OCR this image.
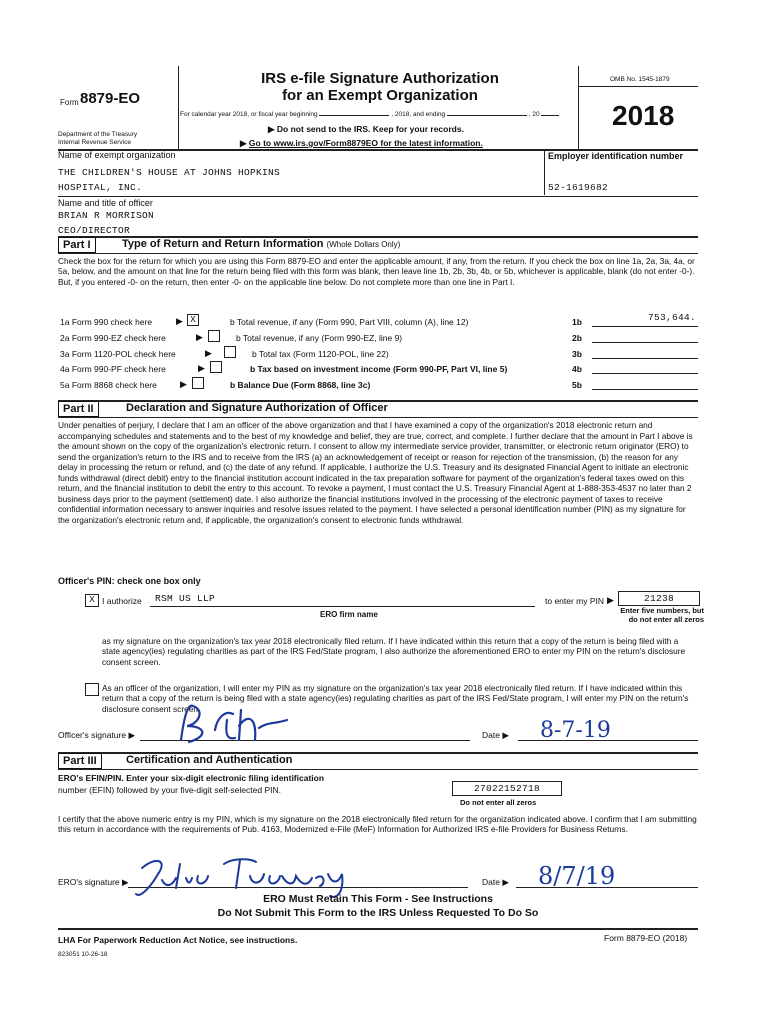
Form 8879-EO
Department of the Treasury
Internal Revenue Service
IRS e-file Signature Authorization
for an Exempt Organization
For calendar year 2018, or fiscal year beginning	, 2018, and ending	, 20
▶ Do not send to the IRS. Keep for your records.
▶ Go to www.irs.gov/Form8879EO for the latest information.
OMB No. 1545-1879
2018
Name of exempt organization
THE CHILDREN'S HOUSE AT JOHNS HOPKINS
HOSPITAL, INC.
Employer identification number
52-1619682
Name and title of officer
BRIAN R MORRISON
CEO/DIRECTOR
Part I	Type of Return and Return Information (Whole Dollars Only)
Check the box for the return for which you are using this Form 8879-EO and enter the applicable amount, if any, from the return. If you check the box on line 1a, 2a, 3a, 4a, or 5a, below, and the amount on that line for the return being filed with this form was blank, then leave line 1b, 2b, 3b, 4b, or 5b, whichever is applicable, blank (do not enter -0-). But, if you entered -0- on the return, then enter -0- on the applicable line below. Do not complete more than one line in Part I.
1a Form 990 check here	▶ X	b Total revenue, if any (Form 990, Part VIII, column (A), line 12)	1b	753,644.
2a Form 990-EZ check here	▶	b Total revenue, if any (Form 990-EZ, line 9)	2b
3a Form 1120-POL check here	▶	b Total tax (Form 1120-POL, line 22)	3b
4a Form 990-PF check here	▶	b Tax based on investment income (Form 990-PF, Part VI, line 5)	4b
5a Form 8868 check here	▶	b Balance Due (Form 8868, line 3c)	5b
Part II	Declaration and Signature Authorization of Officer
Under penalties of perjury, I declare that I am an officer of the above organization and that I have examined a copy of the organization's 2018 electronic return and accompanying schedules and statements and to the best of my knowledge and belief, they are true, correct, and complete. I further declare that the amount in Part I above is the amount shown on the copy of the organization's electronic return. I consent to allow my intermediate service provider, transmitter, or electronic return originator (ERO) to send the organization's return to the IRS and to receive from the IRS (a) an acknowledgement of receipt or reason for rejection of the transmission, (b) the reason for any delay in processing the return or refund, and (c) the date of any refund. If applicable, I authorize the U.S. Treasury and its designated Financial Agent to initiate an electronic funds withdrawal (direct debit) entry to the financial institution account indicated in the tax preparation software for payment of the organization's federal taxes owed on this return, and the financial institution to debit the entry to this account. To revoke a payment, I must contact the U.S. Treasury Financial Agent at 1-888-353-4537 no later than 2 business days prior to the payment (settlement) date. I also authorize the financial institutions involved in the processing of the electronic payment of taxes to receive confidential information necessary to answer inquiries and resolve issues related to the payment. I have selected a personal identification number (PIN) as my signature for the organization's electronic return and, if applicable, the organization's consent to electronic funds withdrawal.
Officer's PIN: check one box only
X I authorize RSM US LLP	to enter my PIN ▶	21238
ERO firm name	Enter five numbers, but
do not enter all zeros
as my signature on the organization's tax year 2018 electronically filed return. If I have indicated within this return that a copy of the return is being filed with a state agency(ies) regulating charities as part of the IRS Fed/State program, I also authorize the aforementioned ERO to enter my PIN on the return's disclosure consent screen.
As an officer of the organization, I will enter my PIN as my signature on the organization's tax year 2018 electronically filed return. If I have indicated within this return that a copy of the return is being filed with a state agency(ies) regulating charities as part of the IRS Fed/State program, I will enter my PIN on the return's disclosure consent screen.
Officer's signature ▶	Date ▶ 8-7-19
Part III	Certification and Authentication
ERO's EFIN/PIN. Enter your six-digit electronic filing identification
number (EFIN) followed by your five-digit self-selected PIN.	27022152718
Do not enter all zeros
I certify that the above numeric entry is my PIN, which is my signature on the 2018 electronically filed return for the organization indicated above. I confirm that I am submitting this return in accordance with the requirements of Pub. 4163, Modernized e-File (MeF) Information for Authorized IRS e-file Providers for Business Returns.
ERO's signature ▶	Date ▶ 8/7/19
ERO Must Retain This Form - See Instructions
Do Not Submit This Form to the IRS Unless Requested To Do So
LHA For Paperwork Reduction Act Notice, see instructions.
823051 10-26-18
Form 8879-EO (2018)
